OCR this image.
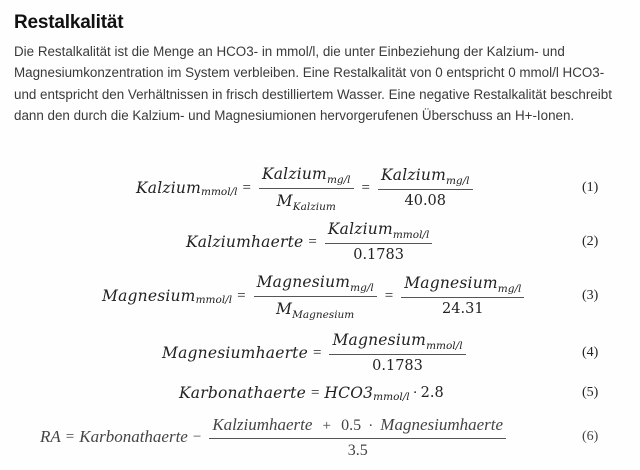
Restalkalität

Die Restalkalität ist die Menge an HCO3- in mmol/l, die unter Einbeziehung der Kalzium- und Magnesiumkonzentration im System verbleiben. Eine Restalkalität von 0 entspricht 0 mmol/l HCO3- und entspricht den Verhältnissen in frisch destilliertem Wasser. Eine negative Restalkalität beschreibt dann den durch die Kalzium- und Magnesiumionen hervorgerufenen Überschuss an H+-Ionen.

Kalzium mmol/l = $\frac{Kalzium_{mg/l}}{M_{Kalzium}} = \frac{Kalzium_{mg/l}}{40.08}$	(1)
Kalziumhaerte = $\frac{Kalzium_{mmol/l}}{0.1783}$	(2)
Magnesium mmol/l = $\frac{Magnesium_{mg/l}}{M_{Magnesium}} = \frac{Magnesium_{mg/l}}{24.31}$	(3)
Magnesiumhaerte = $\frac{Magnesium_{mmol/l}}{0.1783}$	(4)
Karbonathaerte = HCO3 mmol/l · 2.8	(5)
RA = Karbonathaerte −
Kalziumhaerte + 0.5 · Magnesiumhaerte
3.5
(6)
